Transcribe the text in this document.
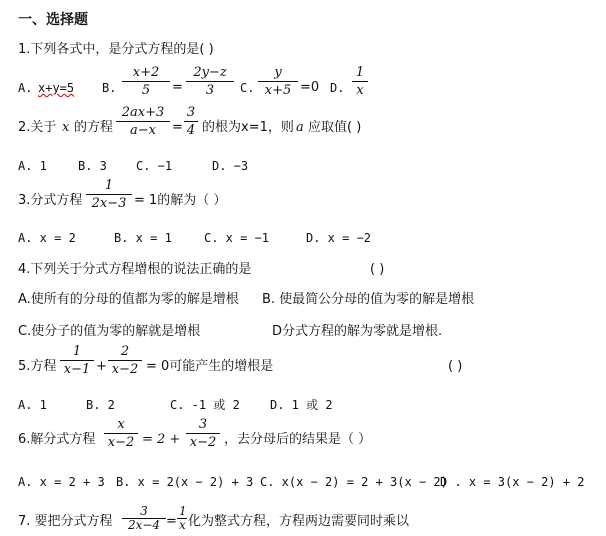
一、选择题
1.下列各式中，是分式方程的是( )
A. x+y=5 B.
x+2
5	=
2y−z
3	C.
y
x+5 =0 D.
1
x
2.关于 x 的方程
2ax+3
a−x	=
3
4 的根为x=1，则 a 应取值( )
A. 1	B. 3 C. −1	D. −3
3.分式方程
1
2x−3 = 1的解为（ ）
A. x = 2	B. x = 1	C. x = −1	D. x = −2
4.下列关于分式方程增根的说法正确的是	( )
A.使所有的分母的值都为零的解是增根 B. 使最简公分母的值为零的解是增根
C.使分子的值为零的解就是增根	D分式方程的解为零就是增根.
5.方程
1
x−1 +
2
x−2 = 0可能产生的增根是	( )
A. 1	B. 2	C. -1 或 2	D. 1 或 2
6.解分式方程
x
x−2 = 2 +
3
x−2 ，去分母后的结果是（ ）
A. x = 2 + 3 B. x = 2(x − 2) + 3 C. x(x − 2) = 2 + 3(x − 2)
D . x = 3(x − 2) + 2
7. 要把分式方程
3
2x−4 =
1
x 化为整式方程，方程两边需要同时乘以
